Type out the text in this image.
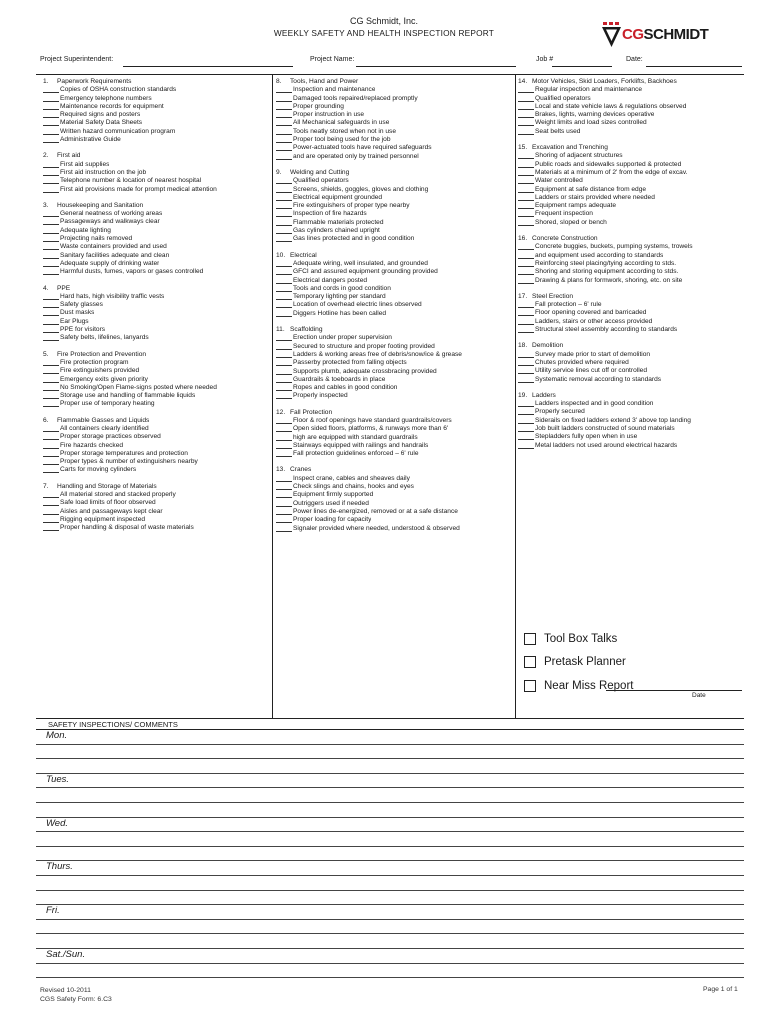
CG Schmidt, Inc.
WEEKLY SAFETY AND HEALTH INSPECTION REPORT	CGSCHMIDT
Project Superintendent:	Project Name:	Job #	Date:
1.	Paperwork Requirements
Copies of OSHA construction standards
Emergency telephone numbers
Maintenance records for equipment
Required signs and posters
Material Safety Data Sheets
Written hazard communication program
Administrative Guide
2.	First aid
First aid supplies
First aid instruction on the job
Telephone number & location of nearest hospital
First aid provisions made for prompt medical attention
3.	Housekeeping and Sanitation
General neatness of working areas
Passageways and walkways clear
Adequate lighting
Projecting nails removed
Waste containers provided and used
Sanitary facilities adequate and clean
Adequate supply of drinking water
Harmful dusts, fumes, vapors or gases controlled
4.	PPE
Hard hats, high visibility traffic vests
Safety glasses
Dust masks
Ear Plugs
PPE for visitors
Safety belts, lifelines, lanyards
5.	Fire Protection and Prevention
Fire protection program
Fire extinguishers provided
Emergency exits given priority
No Smoking/Open Flame-signs posted where needed
Storage use and handling of flammable liquids
Proper use of temporary heating
6.	Flammable Gasses and Liquids
All containers clearly identified
Proper storage practices observed
Fire hazards checked
Proper storage temperatures and protection
Proper types & number of extinguishers nearby
Carts for moving cylinders
7.	Handling and Storage of Materials
All material stored and stacked properly
Safe load limits of floor observed
Aisles and passageways kept clear
Rigging equipment inspected
Proper handling & disposal of waste materials
8.	Tools, Hand and Power
Inspection and maintenance
Damaged tools repaired/replaced promptly
Proper grounding
Proper instruction in use
All Mechanical safeguards in use
Tools neatly stored when not in use
Proper tool being used for the job
Power-actuated tools have required safeguards
and are operated only by trained personnel
9.	Welding and Cutting
Qualified operators
Screens, shields, goggles, gloves and clothing
Electrical equipment grounded
Fire extinguishers of proper type nearby
Inspection of fire hazards
Flammable materials protected
Gas cylinders chained upright
Gas lines protected and in good condition
10. Electrical
Adequate wiring, well insulated, and grounded
GFCI and assured equipment grounding provided
Electrical dangers posted
Tools and cords in good condition
Temporary lighting per standard
Location of overhead electric lines observed
Diggers Hotline has been called
11. Scaffolding
Erection under proper supervision
Secured to structure and proper footing provided
Ladders & working areas free of debris/snow/ice & grease
Passerby protected from falling objects
Supports plumb, adequate crossbracing provided
Guardrails & toeboards in place
Ropes and cables in good condition
Properly inspected
12. Fall Protection
Floor & roof openings have standard guardrails/covers
Open sided floors, platforms, & runways more than 6'
high are equipped with standard guardrails
Stairways equipped with railings and handrails
Fall protection guidelines enforced – 6' rule
13. Cranes
Inspect crane, cables and sheaves daily
Check slings and chains, hooks and eyes
Equipment firmly supported
Outriggers used if needed
Power lines de-energized, removed or at a safe distance
Proper loading for capacity
Signaler provided where needed, understood & observed
14. Motor Vehicles, Skid Loaders, Forklifts, Backhoes
Regular inspection and maintenance
Qualified operators
Local and state vehicle laws & regulations observed
Brakes, lights, warning devices operative
Weight limits and load sizes controlled
Seat belts used
15. Excavation and Trenching
Shoring of adjacent structures
Public roads and sidewalks supported & protected
Materials at a minimum of 2' from the edge of excav.
Water controlled
Equipment at safe distance from edge
Ladders or stairs provided where needed
Equipment ramps adequate
Frequent inspection
Shored, sloped or bench
16. Concrete Construction
Concrete buggies, buckets, pumping systems, trowels
and equipment used according to standards
Reinforcing steel placing/tying according to stds.
Shoring and storing equipment according to stds.
Drawing & plans for formwork, shoring, etc. on site
17. Steel Erection
Fall protection – 6' rule
Floor opening covered and barricaded
Ladders, stairs or other access provided
Structural steel assembly according to standards
18. Demolition
Survey made prior to start of demolition
Chutes provided where required
Utility service lines cut off or controlled
Systematic removal according to standards
19. Ladders
Ladders inspected and in good condition
Properly secured
Siderails on fixed ladders extend 3' above top landing
Job built ladders constructed of sound materials
Stepladders fully open when in use
Metal ladders not used around electrical hazards
Tool Box Talks
Pretask Planner
Near Miss Report
Date
SAFETY INSPECTIONS/ COMMENTS
Mon.
Tues.
Wed.
Thurs.
Fri.
Sat./Sun.
Revised 10-2011
CGS Safety Form: 6.C3
Page 1 of 1
